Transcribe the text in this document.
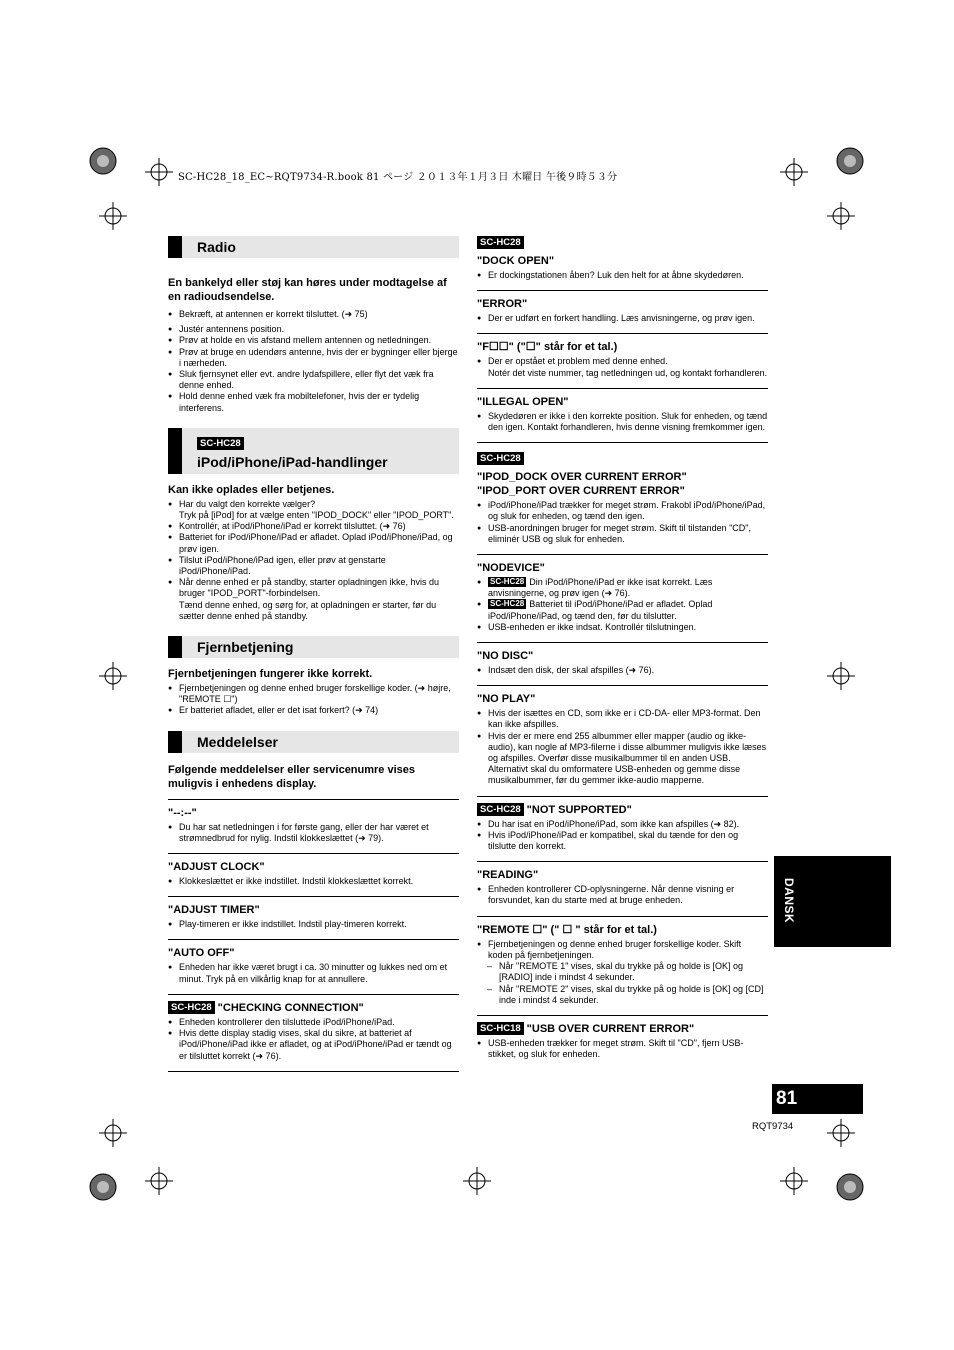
SC-HC28_18_EC~RQT9734-R.book 81 ページ ２０１３年１月３日 木曜日 午後９時５３分
Radio

En bankelyd eller støj kan høres under modtagelse af en radioudsendelse.

● Bekræft, at antennen er korrekt tilsluttet. (➜ 75)
● Justér antennens position.
● Prøv at holde en vis afstand mellem antennen og netledningen.
● Prøv at bruge en udendørs antenne, hvis der er bygninger eller bjerge i nærheden.
● Sluk fjernsynet eller evt. andre lydafspillere, eller flyt det væk fra denne enhed.
● Hold denne enhed væk fra mobiltelefoner, hvis der er tydelig interferens.
SC-HC28
iPod/iPhone/iPad-handlinger

Kan ikke oplades eller betjenes.

● Har du valgt den korrekte vælger?
Tryk på [iPod] for at vælge enten "IPOD_DOCK" eller "IPOD_PORT".
● Kontrollér, at iPod/iPhone/iPad er korrekt tilsluttet. (➜ 76)
● Batteriet for iPod/iPhone/iPad er afladet. Oplad iPod/iPhone/iPad, og prøv igen.
● Tilslut iPod/iPhone/iPad igen, eller prøv at genstarte iPod/iPhone/iPad.
● Når denne enhed er på standby, starter opladningen ikke, hvis du bruger "IPOD_PORT"-forbindelsen.
Tænd denne enhed, og sørg for, at opladningen er starter, før du sætter denne enhed på standby.
Fjernbetjening

Fjernbetjeningen fungerer ikke korrekt.

● Fjernbetjeningen og denne enhed bruger forskellige koder. (➜ højre, "REMOTE ☐")
● Er batteriet afladet, eller er det isat forkert? (➜ 74)
Meddelelser

Følgende meddelelser eller servicenumre vises muligvis i enhedens display.

"--:--"

● Du har sat netledningen i for første gang, eller der har været et strømnedbrud for nylig. Indstil klokkeslættet (➜ 79).

"ADJUST CLOCK"

● Klokkeslættet er ikke indstillet. Indstil klokkeslættet korrekt.

"ADJUST TIMER"

● Play-timeren er ikke indstillet. Indstil play-timeren korrekt.

"AUTO OFF"

● Enheden har ikke været brugt i ca. 30 minutter og lukkes ned om et minut. Tryk på en vilkårlig knap for at annullere.

SC-HC28 "CHECKING CONNECTION"

● Enheden kontrollerer den tilsluttede iPod/iPhone/iPad.
● Hvis dette display stadig vises, skal du sikre, at batteriet af iPod/iPhone/iPad ikke er afladet, og at iPod/iPhone/iPad er tændt og er tilsluttet korrekt (➜ 76).
SC-HC28

"DOCK OPEN"

● Er dockingstationen åben? Luk den helt for at åbne skydedøren.

"ERROR"

● Der er udført en forkert handling. Læs anvisningerne, og prøv igen.

"F☐☐" ("☐" står for et tal.)

● Der er opstået et problem med denne enhed.
Notér det viste nummer, tag netledningen ud, og kontakt forhandleren.

"ILLEGAL OPEN"

● Skydedøren er ikke i den korrekte position. Sluk for enheden, og tænd den igen. Kontakt forhandleren, hvis denne visning fremkommer igen.
SC-HC28

"IPOD_DOCK OVER CURRENT ERROR"

"IPOD_PORT OVER CURRENT ERROR"

● iPod/iPhone/iPad trækker for meget strøm. Frakobl iPod/iPhone/iPad, og sluk for enheden, og tænd den igen.
● USB-anordningen bruger for meget strøm. Skift til tilstanden "CD", eliminér USB og sluk for enheden.

"NODEVICE"

● SC-HC28 Din iPod/iPhone/iPad er ikke isat korrekt. Læs anvisningerne, og prøv igen (➜ 76).
● SC-HC28 Batteriet til iPod/iPhone/iPad er afladet. Oplad iPod/iPhone/iPad, og tænd den, før du tilslutter.
● USB-enheden er ikke indsat. Kontrollér tilslutningen.

"NO DISC"

● Indsæt den disk, der skal afspilles (➜ 76).

"NO PLAY"

● Hvis der isættes en CD, som ikke er i CD-DA- eller MP3-format. Den kan ikke afspilles.
● Hvis der er mere end 255 albummer eller mapper (audio og ikke-audio), kan nogle af MP3-filerne i disse albummer muligvis ikke læses og afspilles. Overfør disse musikalbummer til en anden USB. Alternativt skal du omformatere USB-enheden og gemme disse musikalbummer, før du gemmer ikke-audio mapperne.

SC-HC28 "NOT SUPPORTED"

● Du har isat en iPod/iPhone/iPad, som ikke kan afspilles (➜ 82).
● Hvis iPod/iPhone/iPad er kompatibel, skal du tænde for den og tilslutte den korrekt.

"READING"

● Enheden kontrollerer CD-oplysningerne. Når denne visning er forsvundet, kan du starte med at bruge enheden.

"REMOTE ☐" (" ☐ " står for et tal.)

● Fjernbetjeningen og denne enhed bruger forskellige koder. Skift koden på fjernbetjeningen.
– Når "REMOTE 1" vises, skal du trykke på og holde is [OK] og [RADIO] inde i mindst 4 sekunder.
– Når "REMOTE 2" vises, skal du trykke på og holde is [OK] og [CD] inde i mindst 4 sekunder.

SC-HC18 "USB OVER CURRENT ERROR"

● USB-enheden trækker for meget strøm. Skift til "CD", fjern USB-stikket, og sluk for enheden.
DANSK
81
RQT9734
